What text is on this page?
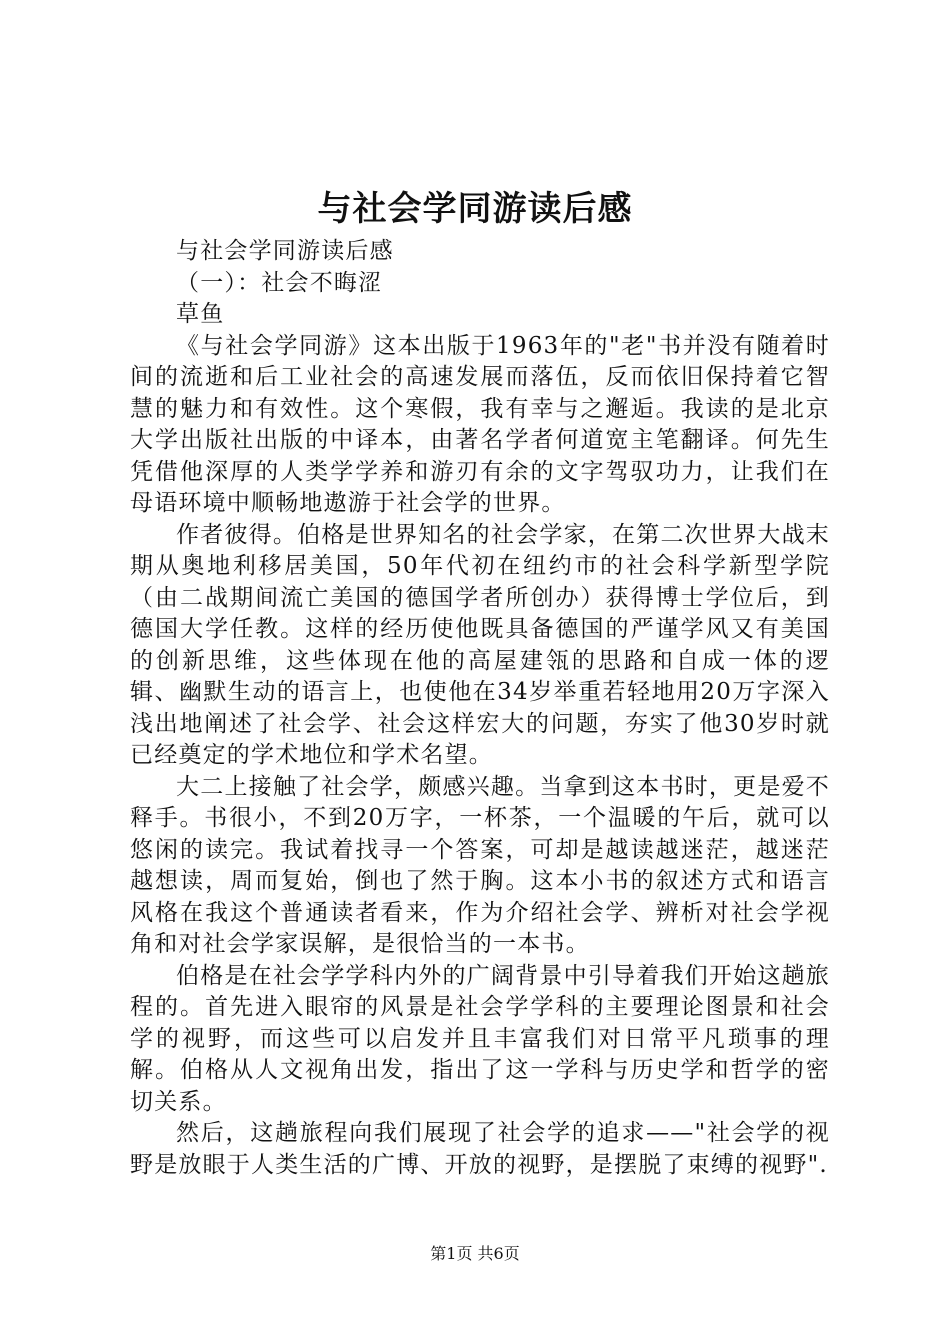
与社会学同游读后感

与社会学同游读后感

（一）：社会不晦涩

草鱼

《与社会学同游》这本出版于1963年的"老"书并没有随着时间的流逝和后工业社会的高速发展而落伍，反而依旧保持着它智慧的魅力和有效性。这个寒假，我有幸与之邂逅。我读的是北京大学出版社出版的中译本，由著名学者何道宽主笔翻译。何先生凭借他深厚的人类学学养和游刃有余的文字驾驭功力，让我们在母语环境中顺畅地遨游于社会学的世界。

作者彼得。伯格是世界知名的社会学家，在第二次世界大战末期从奥地利移居美国，50年代初在纽约市的社会科学新型学院（由二战期间流亡美国的德国学者所创办）获得博士学位后，到德国大学任教。这样的经历使他既具备德国的严谨学风又有美国的创新思维，这些体现在他的高屋建瓴的思路和自成一体的逻辑、幽默生动的语言上，也使他在34岁举重若轻地用20万字深入浅出地阐述了社会学、社会这样宏大的问题，夯实了他30岁时就已经奠定的学术地位和学术名望。

大二上接触了社会学，颇感兴趣。当拿到这本书时，更是爱不释手。书很小，不到20万字，一杯茶，一个温暖的午后，就可以悠闲的读完。我试着找寻一个答案，可却是越读越迷茫，越迷茫越想读，周而复始，倒也了然于胸。这本小书的叙述方式和语言风格在我这个普通读者看来，作为介绍社会学、辨析对社会学视角和对社会学家误解，是很恰当的一本书。

伯格是在社会学学科内外的广阔背景中引导着我们开始这趟旅程的。首先进入眼帘的风景是社会学学科的主要理论图景和社会学的视野，而这些可以启发并且丰富我们对日常平凡琐事的理解。伯格从人文视角出发，指出了这一学科与历史学和哲学的密切关系。

然后，这趟旅程向我们展现了社会学的追求——"社会学的视野是放眼于人类生活的广博、开放的视野，是摆脱了束缚的视野".

第1页 共6页
